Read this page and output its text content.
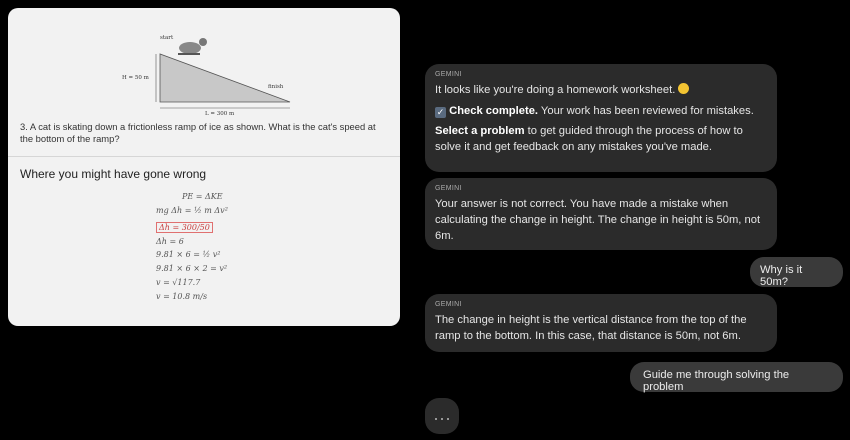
start
finish
H = 50 m
L = 300 m
3. A cat is skating down a frictionless ramp of ice as shown. What is the cat's speed at the bottom of the ramp?
Where you might have gone wrong
PE = ΔKE
mg Δh = ½ m Δv²
Δh = 300/50
Δh = 6
9.81 × 6 = ½ v²
9.81 × 6 × 2 = v²
v = √117.7
v = 10.8 m/s
GEMINI

It looks like you're doing a homework worksheet.

✓ Check complete. Your work has been reviewed for mistakes.

Select a problem to get guided through the process of how to solve it and get feedback on any mistakes you've made.

GEMINI

Your answer is not correct. You have made a mistake when calculating the change in height. The change in height is 50m, not 6m.

Why is it 50m?
GEMINI

The change in height is the vertical distance from the top of the ramp to the bottom. In this case, that distance is 50m, not 6m.

Guide me through solving the problem
